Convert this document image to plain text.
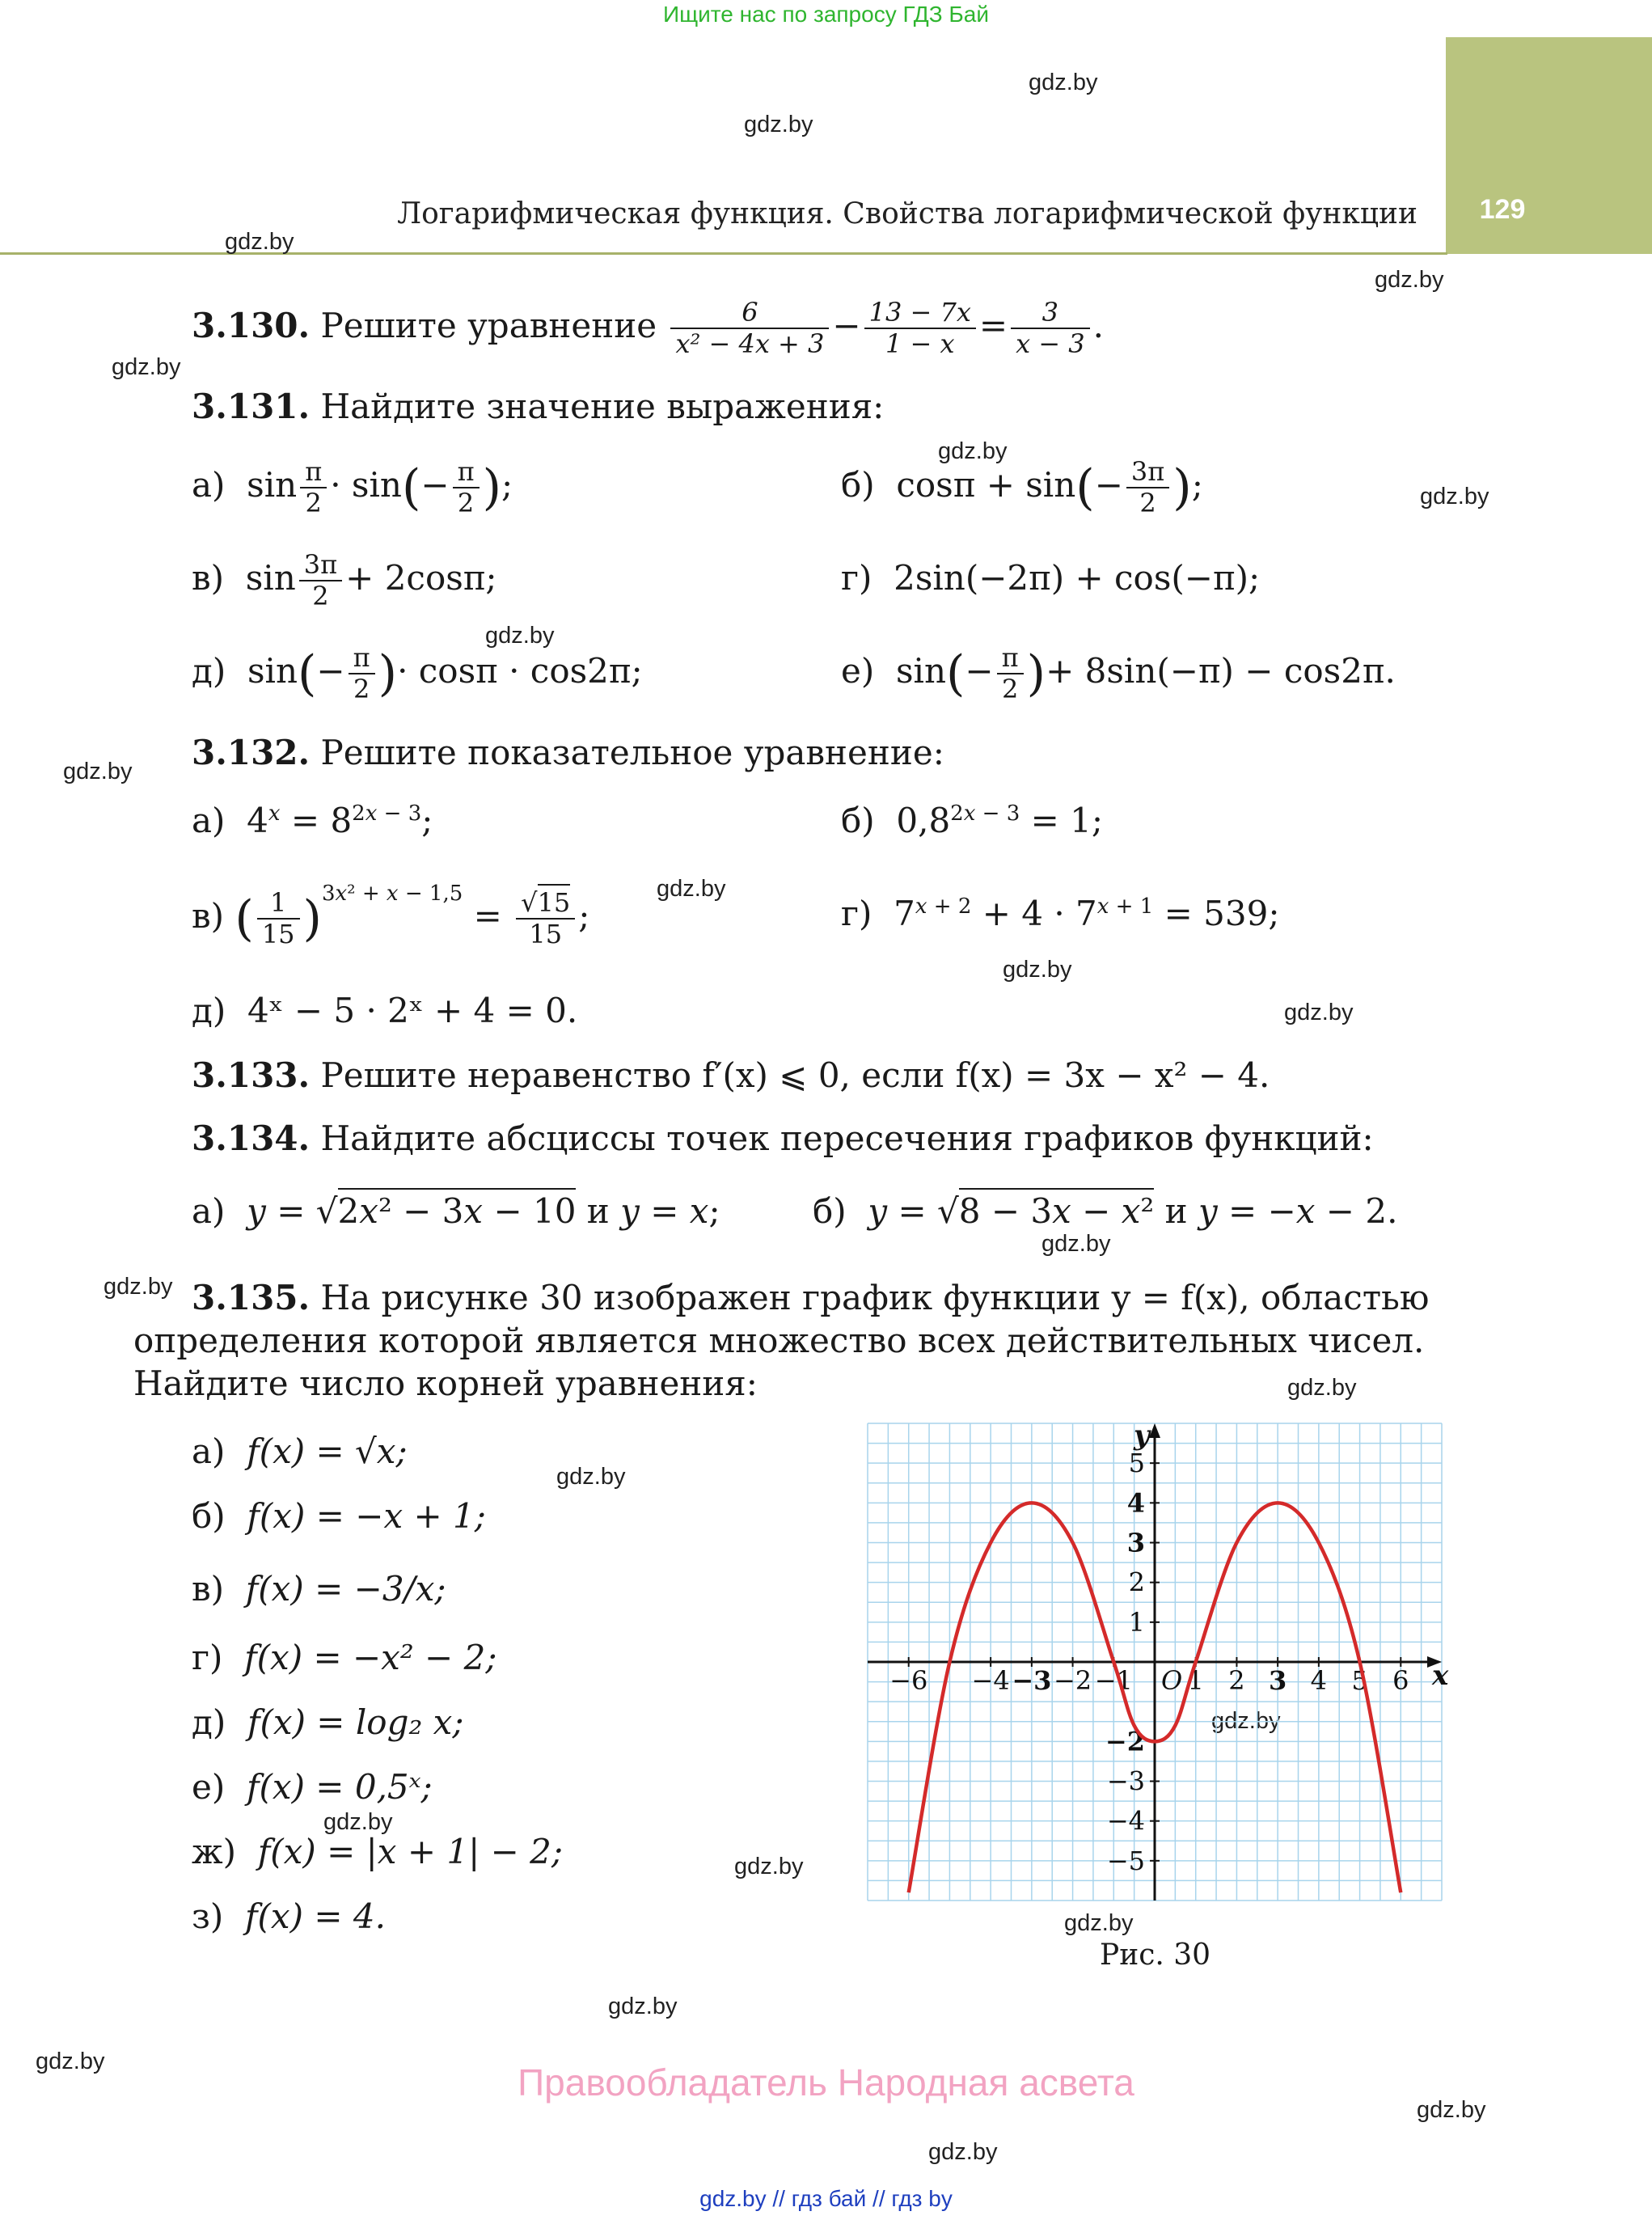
Ищите нас по запросу ГДЗ Бай
129
Логарифмическая функция. Свойства логарифмической функции
gdz.by
gdz.by
gdz.by
gdz.by
gdz.by
gdz.by
gdz.by
gdz.by
gdz.by
gdz.by
gdz.by
gdz.by
gdz.by
gdz.by
gdz.by
gdz.by
gdz.by
gdz.by
gdz.by
gdz.by
gdz.by
gdz.by
gdz.by
gdz.by
3.130. Решите уравнение $\frac{6}{\text{x² − 4x + 3}} - \frac{13 - 7x}{1 - x} = \frac{3}{x - 3}$ .
3.131. Найдите значение выражения:
а)  $\sin \frac{\pi}{2} \cdot \sin(- \frac{\pi}{2}$ );	б)  $\cos\pi + \sin(- \frac{3\pi}{2}$ );
в)  $\sin \frac{3\pi}{2} + 2\cos\pi$;	г) 2sin(−2π) + cos(−π);
д)  $\sin(- \frac{\pi}{2}$ )· cosπ · cos2π;	е)  $\sin(- \frac{\pi}{2}$ )+ 8sin(−π) − cos2π.
3.132. Решите показательное уравнение:
а)  $4^x = 8^{2x - 3}$;	б)  $0,8^{2x - 3} = 1$;
в) ( $\frac{1}{15} )^{3x^2 + x - 1,5} = \frac{√15}{15}$ ;	г)  $7^{x + 2} + 4 \cdot 7^{x + 1} = 539$;
д) 4ˣ − 5 · 2ˣ + 4 = 0.
3.133. Решите неравенство f′(x) ⩽ 0, если f(x) = 3x − x² − 4.
3.134. Найдите абсциссы точек пересечения графиков функций:
а)  y = √2x² − 3x − 10 и y = x;	б)  y = √8 − 3x − x² и y = −x − 2.
3.135. На рисунке 30 изображен график функции y = f(x), областью
определения которой является множество всех действительных чисел.
Найдите число корней уравнения:
а) f(x) = √x;
б) f(x) = −x + 1;
в) f(x) = −3/x;
г) f(x) = −x² − 2;
д) f(x) = log₂ x;
е) f(x) = 0,5ˣ;
ж) f(x) = |x + 1| − 2;
з) f(x) = 4.
−6 −4 −3 −2 −1 1 2 3 4 5 6
5
4
3
2
1
−2
−3
−4
−5
x
y
O
Рис. 30
Правообладатель Народная асвета
gdz.by // гдз бай // гдз by
